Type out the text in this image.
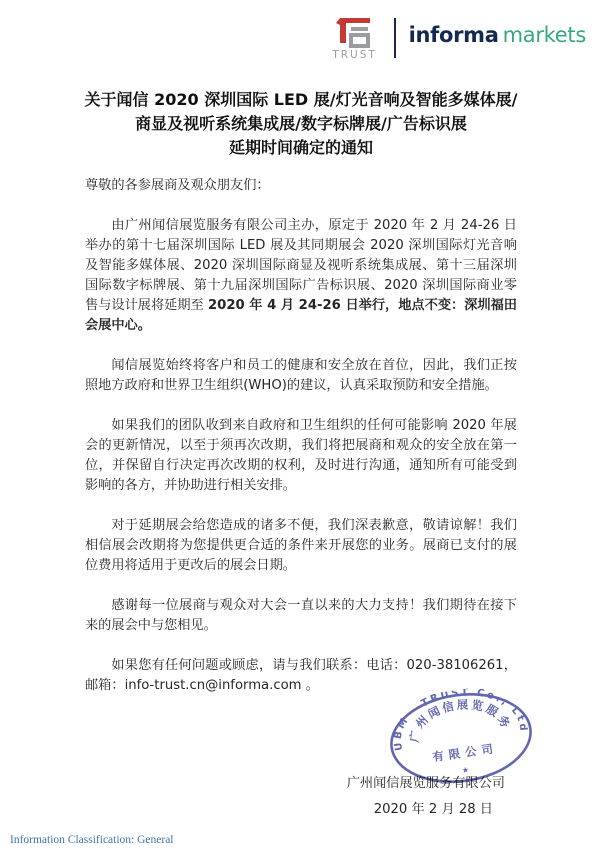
TRUST
informa markets
关于闻信 2020 深圳国际 LED 展/灯光音响及智能多媒体展/
商显及视听系统集成展/数字标牌展/广告标识展
延期时间确定的通知

尊敬的各参展商及观众朋友们：

由广州闻信展览服务有限公司主办，原定于 2020 年 2 月 24-26 日举办的第十七届深圳国际 LED 展及其同期展会 2020 深圳国际灯光音响及智能多媒体展、2020 深圳国际商显及视听系统集成展、第十三届深圳国际数字标牌展、第十九届深圳国际广告标识展、2020 深圳国际商业零售与设计展将延期至 2020 年 4 月 24-26 日举行，地点不变：深圳福田会展中心。

闻信展览始终将客户和员工的健康和安全放在首位，因此，我们正按照地方政府和世界卫生组织(WHO)的建议，认真采取预防和安全措施。

如果我们的团队收到来自政府和卫生组织的任何可能影响 2020 年展会的更新情况，以至于须再次改期，我们将把展商和观众的安全放在第一位，并保留自行决定再次改期的权利，及时进行沟通，通知所有可能受到影响的各方，并协助进行相关安排。

对于延期展会给您造成的诸多不便，我们深表歉意，敬请谅解！我们相信展会改期将为您提供更合适的条件来开展您的业务。展商已支付的展位费用将适用于更改后的展会日期。

感谢每一位展商与观众对大会一直以来的大力支持！我们期待在接下来的展会中与您相见。

如果您有任何问题或顾虑，请与我们联系：电话：020-38106261，邮箱：info-trust.cn@informa.com 。

UBM · TRUST Co., Ltd
广州闻信展览服务
有限公司
★
广州闻信展览服务有限公司
2020 年 2 月 28 日
Information Classification: General
